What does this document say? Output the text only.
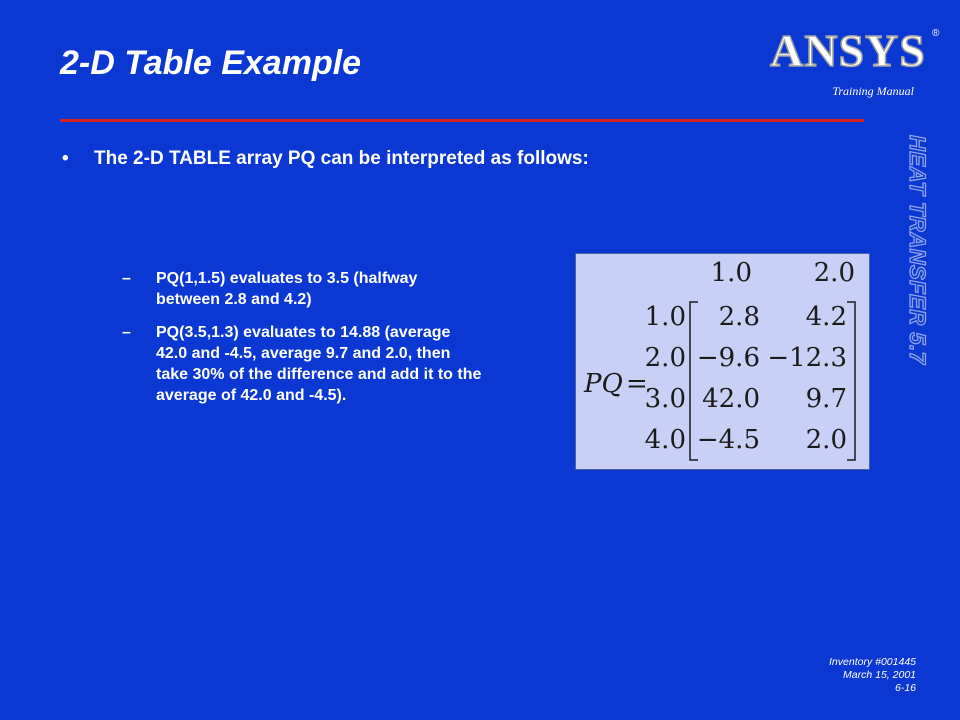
2-D Table Example	ANSYS ®
Training Manual
HEAT TRANSFER 5.7
• The 2-D TABLE array PQ can be interpreted as follows:
– PQ(1,1.5) evaluates to 3.5 (halfway between 2.8 and 4.2)
– PQ(3.5,1.3) evaluates to 14.88 (average 42.0 and -4.5, average 9.7 and 2.0, then take 30% of the difference and add it to the average of 42.0 and -4.5).	PQ =
1.0 2.0
1.0
2.0
3.0
4.0
2.8 4.2
−9.6 −12.3
42.0 9.7
−4.5 2.0
Inventory #001445
March 15, 2001
6-16
